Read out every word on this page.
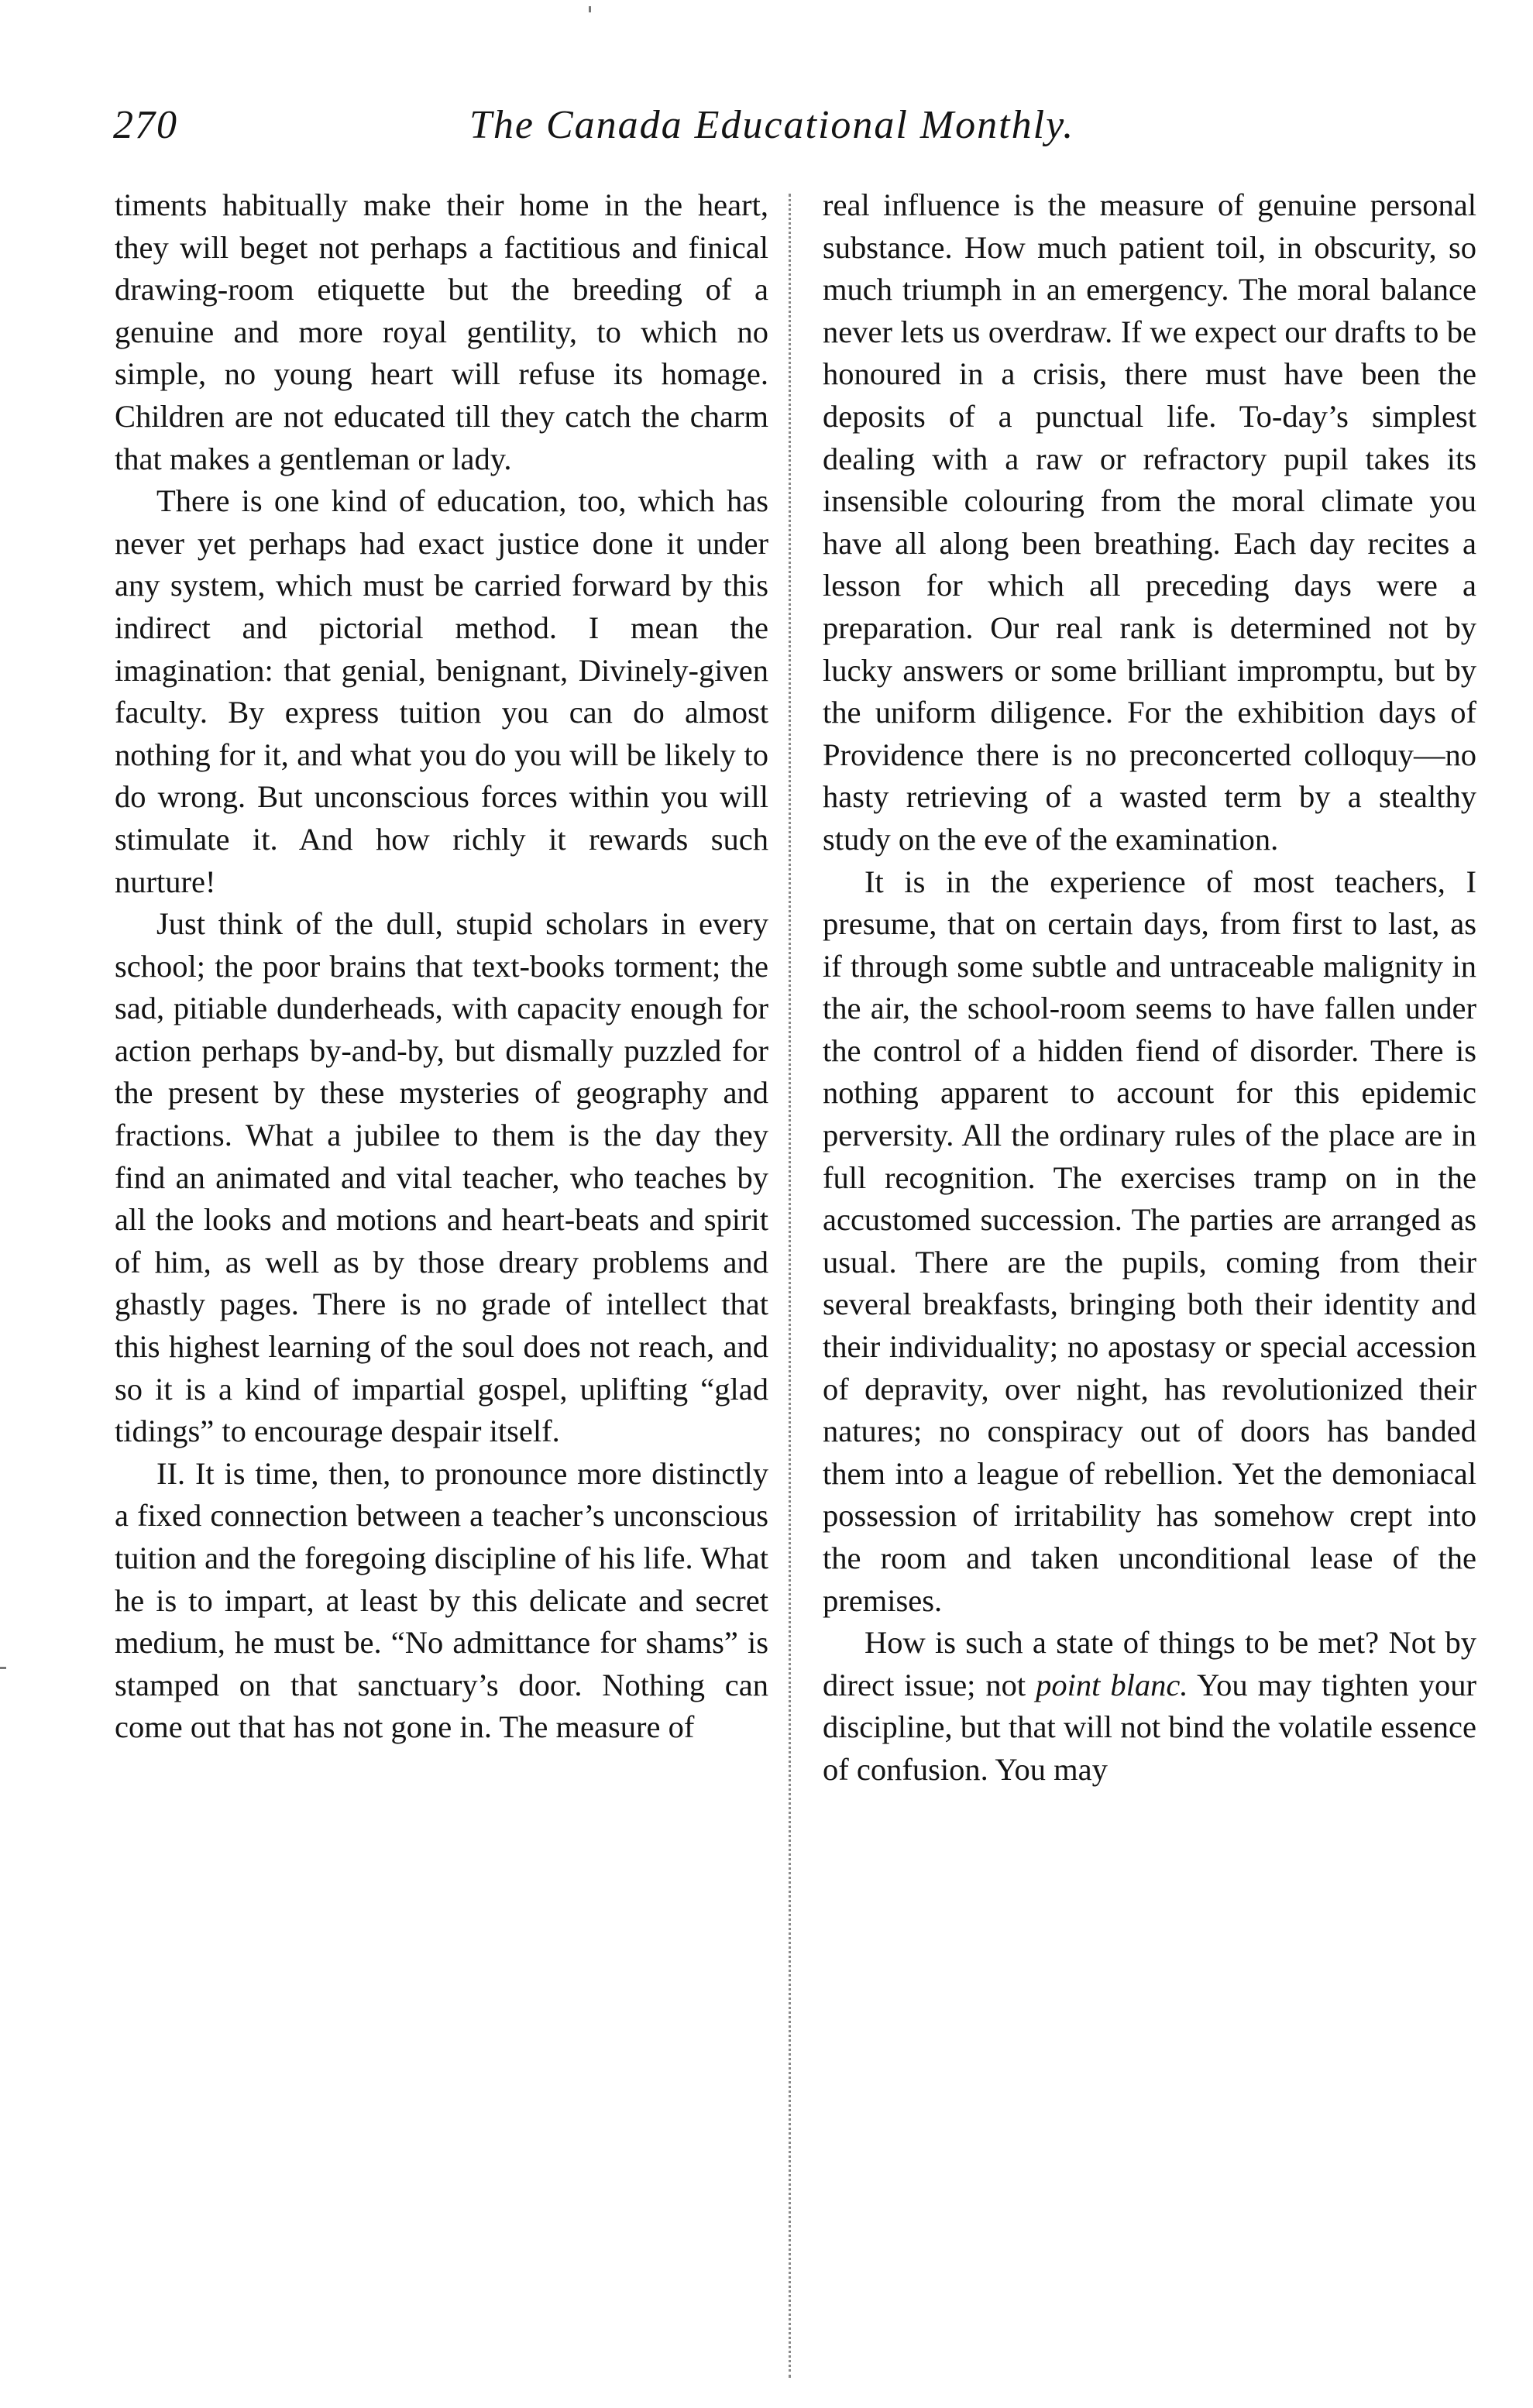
270	The Canada Educational Monthly.

timents habitually make their home in the heart, they will beget not perhaps a factitious and finical drawing-room etiquette but the breeding of a genuine and more royal gentility, to which no simple, no young heart will refuse its homage. Children are not educated till they catch the charm that makes a gentleman or lady.

There is one kind of education, too, which has never yet perhaps had exact justice done it under any system, which must be carried forward by this indirect and pictorial method. I mean the imagination: that genial, benignant, Divinely-given faculty. By express tuition you can do almost nothing for it, and what you do you will be likely to do wrong. But unconscious forces within you will stimulate it. And how richly it rewards such nurture!

Just think of the dull, stupid scholars in every school; the poor brains that text-books torment; the sad, pitiable dunderheads, with capacity enough for action perhaps by-and-by, but dismally puzzled for the present by these mysteries of geography and fractions. What a jubilee to them is the day they find an animated and vital teacher, who teaches by all the looks and motions and heart-beats and spirit of him, as well as by those dreary problems and ghastly pages. There is no grade of intellect that this highest learning of the soul does not reach, and so it is a kind of impartial gospel, uplifting “glad tidings” to encourage despair itself.

II. It is time, then, to pronounce more distinctly a fixed connection between a teacher’s unconscious tuition and the foregoing discipline of his life. What he is to impart, at least by this delicate and secret medium, he must be. “No admittance for shams” is stamped on that sanctuary’s door. Nothing can come out that has not gone in. The measure of

real influence is the measure of genuine personal substance. How much patient toil, in obscurity, so much triumph in an emergency. The moral balance never lets us overdraw. If we expect our drafts to be honoured in a crisis, there must have been the deposits of a punctual life. To-day’s simplest dealing with a raw or refractory pupil takes its insensible colouring from the moral climate you have all along been breathing. Each day recites a lesson for which all preceding days were a preparation. Our real rank is determined not by lucky answers or some brilliant impromptu, but by the uniform diligence. For the exhibition days of Providence there is no preconcerted colloquy—no hasty retrieving of a wasted term by a stealthy study on the eve of the examination.

It is in the experience of most teachers, I presume, that on certain days, from first to last, as if through some subtle and untraceable malignity in the air, the school-room seems to have fallen under the control of a hidden fiend of disorder. There is nothing apparent to account for this epidemic perversity. All the ordinary rules of the place are in full recognition. The exercises tramp on in the accustomed succession. The parties are arranged as usual. There are the pupils, coming from their several breakfasts, bringing both their identity and their individuality; no apostasy or special accession of depravity, over night, has revolutionized their natures; no conspiracy out of doors has banded them into a league of rebellion. Yet the demoniacal possession of irritability has somehow crept into the room and taken unconditional lease of the premises.

How is such a state of things to be met? Not by direct issue; not point blanc. You may tighten your discipline, but that will not bind the volatile essence of confusion. You may
